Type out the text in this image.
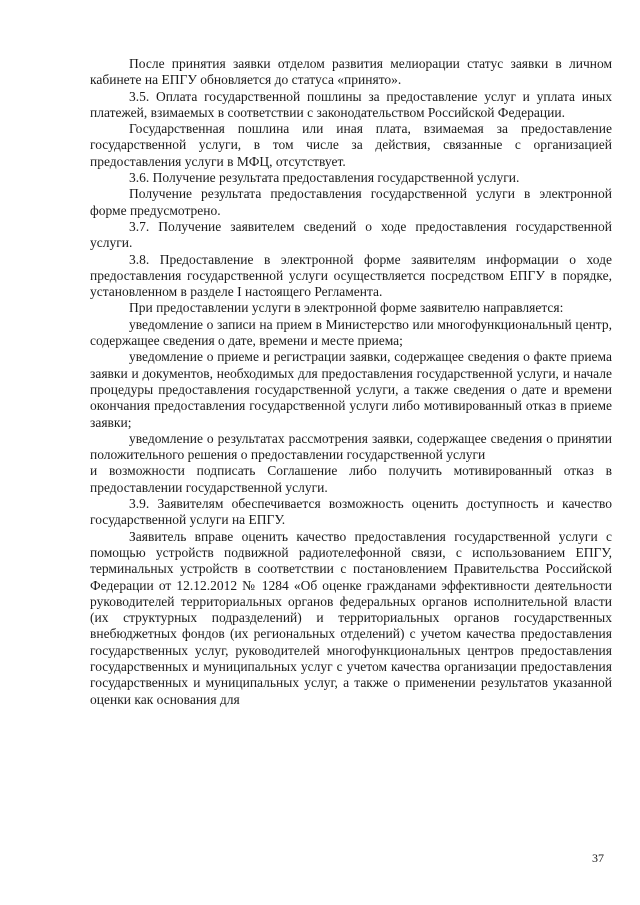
После принятия заявки отделом развития мелиорации статус заявки в личном кабинете на ЕПГУ обновляется до статуса «принято».
3.5. Оплата государственной пошлины за предоставление услуг и уплата иных платежей, взимаемых в соответствии с законодательством Российской Федерации.
Государственная пошлина или иная плата, взимаемая за предоставление государственной услуги, в том числе за действия, связанные с организацией предоставления услуги в МФЦ, отсутствует.
3.6. Получение результата предоставления государственной услуги.
Получение результата предоставления государственной услуги в электронной форме предусмотрено.
3.7. Получение заявителем сведений о ходе предоставления государственной услуги.
3.8. Предоставление в электронной форме заявителям информации о ходе предоставления государственной услуги осуществляется посредством ЕПГУ в порядке, установленном в разделе I настоящего Регламента.
При предоставлении услуги в электронной форме заявителю направляется:
уведомление о записи на прием в Министерство или многофункциональный центр, содержащее сведения о дате, времени и месте приема;
уведомление о приеме и регистрации заявки, содержащее сведения о факте приема заявки и документов, необходимых для предоставления государственной услуги, и начале процедуры предоставления государственной услуги, а также сведения о дате и времени окончания предоставления государственной услуги либо мотивированный отказ в приеме заявки;
уведомление о результатах рассмотрения заявки, содержащее сведения о принятии положительного решения о предоставлении государственной услуги
и возможности подписать Соглашение либо получить мотивированный отказ в предоставлении государственной услуги.
3.9. Заявителям обеспечивается возможность оценить доступность и качество государственной услуги на ЕПГУ.
Заявитель вправе оценить качество предоставления государственной услуги с помощью устройств подвижной радиотелефонной связи, с использованием ЕПГУ, терминальных устройств в соответствии с постановлением Правительства Российской Федерации от 12.12.2012 № 1284 «Об оценке гражданами эффективности деятельности руководителей территориальных органов федеральных органов исполнительной власти (их структурных подразделений) и территориальных органов государственных внебюджетных фондов (их региональных отделений) с учетом качества предоставления государственных услуг, руководителей многофункциональных центров предоставления государственных и муниципальных услуг с учетом качества организации предоставления государственных и муниципальных услуг, а также о применении результатов указанной оценки как основания для
37
